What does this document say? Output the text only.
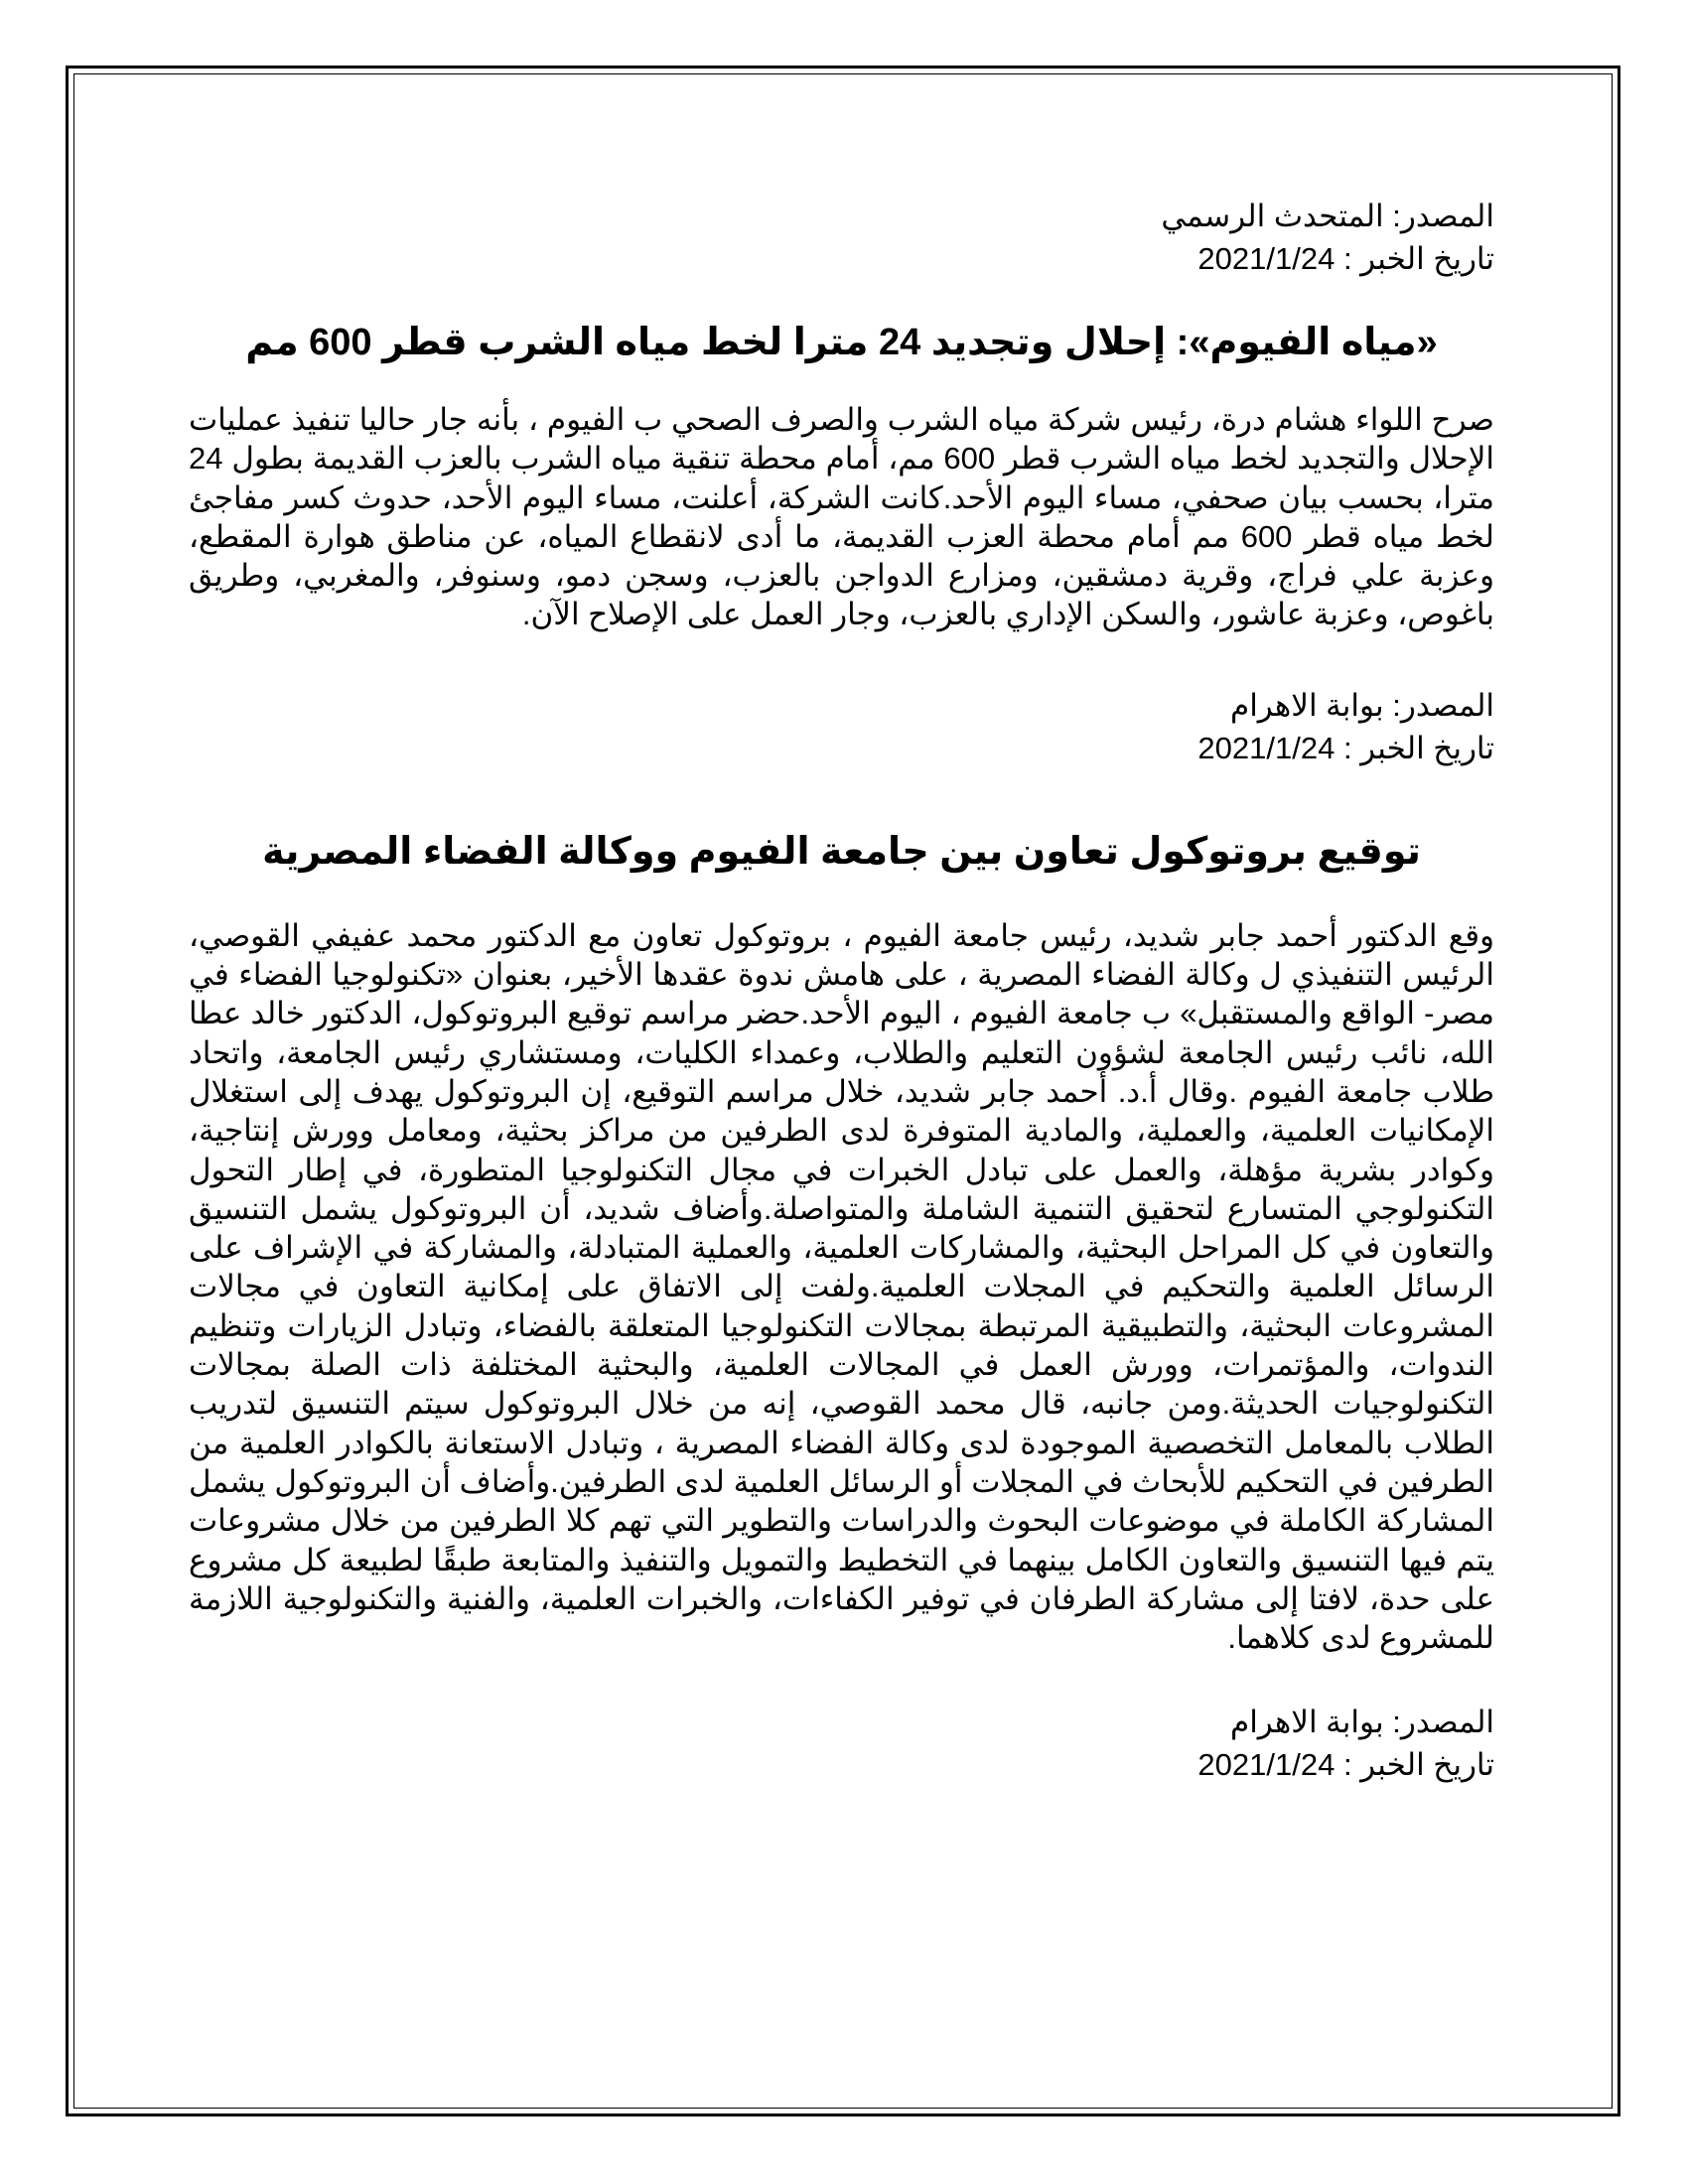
المصدر: المتحدث الرسمي
تاريخ الخبر : 2021/1/24
«مياه الفيوم»: إحلال وتجديد 24 مترا لخط مياه الشرب قطر 600 مم
صرح اللواء هشام درة، رئيس شركة مياه الشرب والصرف الصحي ب الفيوم ، بأنه جار حاليا تنفيذ عمليات الإحلال والتجديد لخط مياه الشرب قطر 600 مم، أمام محطة تنقية مياه الشرب بالعزب القديمة بطول 24 مترا، بحسب بيان صحفي، مساء اليوم الأحد.كانت الشركة، أعلنت، مساء اليوم الأحد، حدوث كسر مفاجئ لخط مياه قطر 600 مم أمام محطة العزب القديمة، ما أدى لانقطاع المياه، عن مناطق هوارة المقطع، وعزبة علي فراج، وقرية دمشقين، ومزارع الدواجن بالعزب، وسجن دمو، وسنوفر، والمغربي، وطريق باغوص، وعزبة عاشور، والسكن الإداري بالعزب، وجار العمل على الإصلاح الآن.
المصدر: بوابة الاهرام
تاريخ الخبر : 2021/1/24
توقيع بروتوكول تعاون بين جامعة الفيوم ووكالة الفضاء المصرية
وقع الدكتور أحمد جابر شديد، رئيس جامعة الفيوم ، بروتوكول تعاون مع الدكتور محمد عفيفي القوصي، الرئيس التنفيذي ل وكالة الفضاء المصرية ، على هامش ندوة عقدها الأخير، بعنوان «تكنولوجيا الفضاء في مصر- الواقع والمستقبل» ب جامعة الفيوم ، اليوم الأحد.حضر مراسم توقيع البروتوكول، الدكتور خالد عطا الله، نائب رئيس الجامعة لشؤون التعليم والطلاب، وعمداء الكليات، ومستشاري رئيس الجامعة، واتحاد طلاب جامعة الفيوم .وقال أ.د. أحمد جابر شديد، خلال مراسم التوقيع، إن البروتوكول يهدف إلى استغلال الإمكانيات العلمية، والعملية، والمادية المتوفرة لدى الطرفين من مراكز بحثية، ومعامل وورش إنتاجية، وكوادر بشرية مؤهلة، والعمل على تبادل الخبرات في مجال التكنولوجيا المتطورة، في إطار التحول التكنولوجي المتسارع لتحقيق التنمية الشاملة والمتواصلة.وأضاف شديد، أن البروتوكول يشمل التنسيق والتعاون في كل المراحل البحثية، والمشاركات العلمية، والعملية المتبادلة، والمشاركة في الإشراف على الرسائل العلمية والتحكيم في المجلات العلمية.ولفت إلى الاتفاق على إمكانية التعاون في مجالات المشروعات البحثية، والتطبيقية المرتبطة بمجالات التكنولوجيا المتعلقة بالفضاء، وتبادل الزيارات وتنظيم الندوات، والمؤتمرات، وورش العمل في المجالات العلمية، والبحثية المختلفة ذات الصلة بمجالات التكنولوجيات الحديثة.ومن جانبه، قال محمد القوصي، إنه من خلال البروتوكول سيتم التنسيق لتدريب الطلاب بالمعامل التخصصية الموجودة لدى وكالة الفضاء المصرية ، وتبادل الاستعانة بالكوادر العلمية من الطرفين في التحكيم للأبحاث في المجلات أو الرسائل العلمية لدى الطرفين.وأضاف أن البروتوكول يشمل المشاركة الكاملة في موضوعات البحوث والدراسات والتطوير التي تهم كلا الطرفين من خلال مشروعات يتم فيها التنسيق والتعاون الكامل بينهما في التخطيط والتمويل والتنفيذ والمتابعة طبقًا لطبيعة كل مشروع على حدة، لافتا إلى مشاركة الطرفان في توفير الكفاءات، والخبرات العلمية، والفنية والتكنولوجية اللازمة للمشروع لدى كلاهما.
المصدر: بوابة الاهرام
تاريخ الخبر : 2021/1/24
